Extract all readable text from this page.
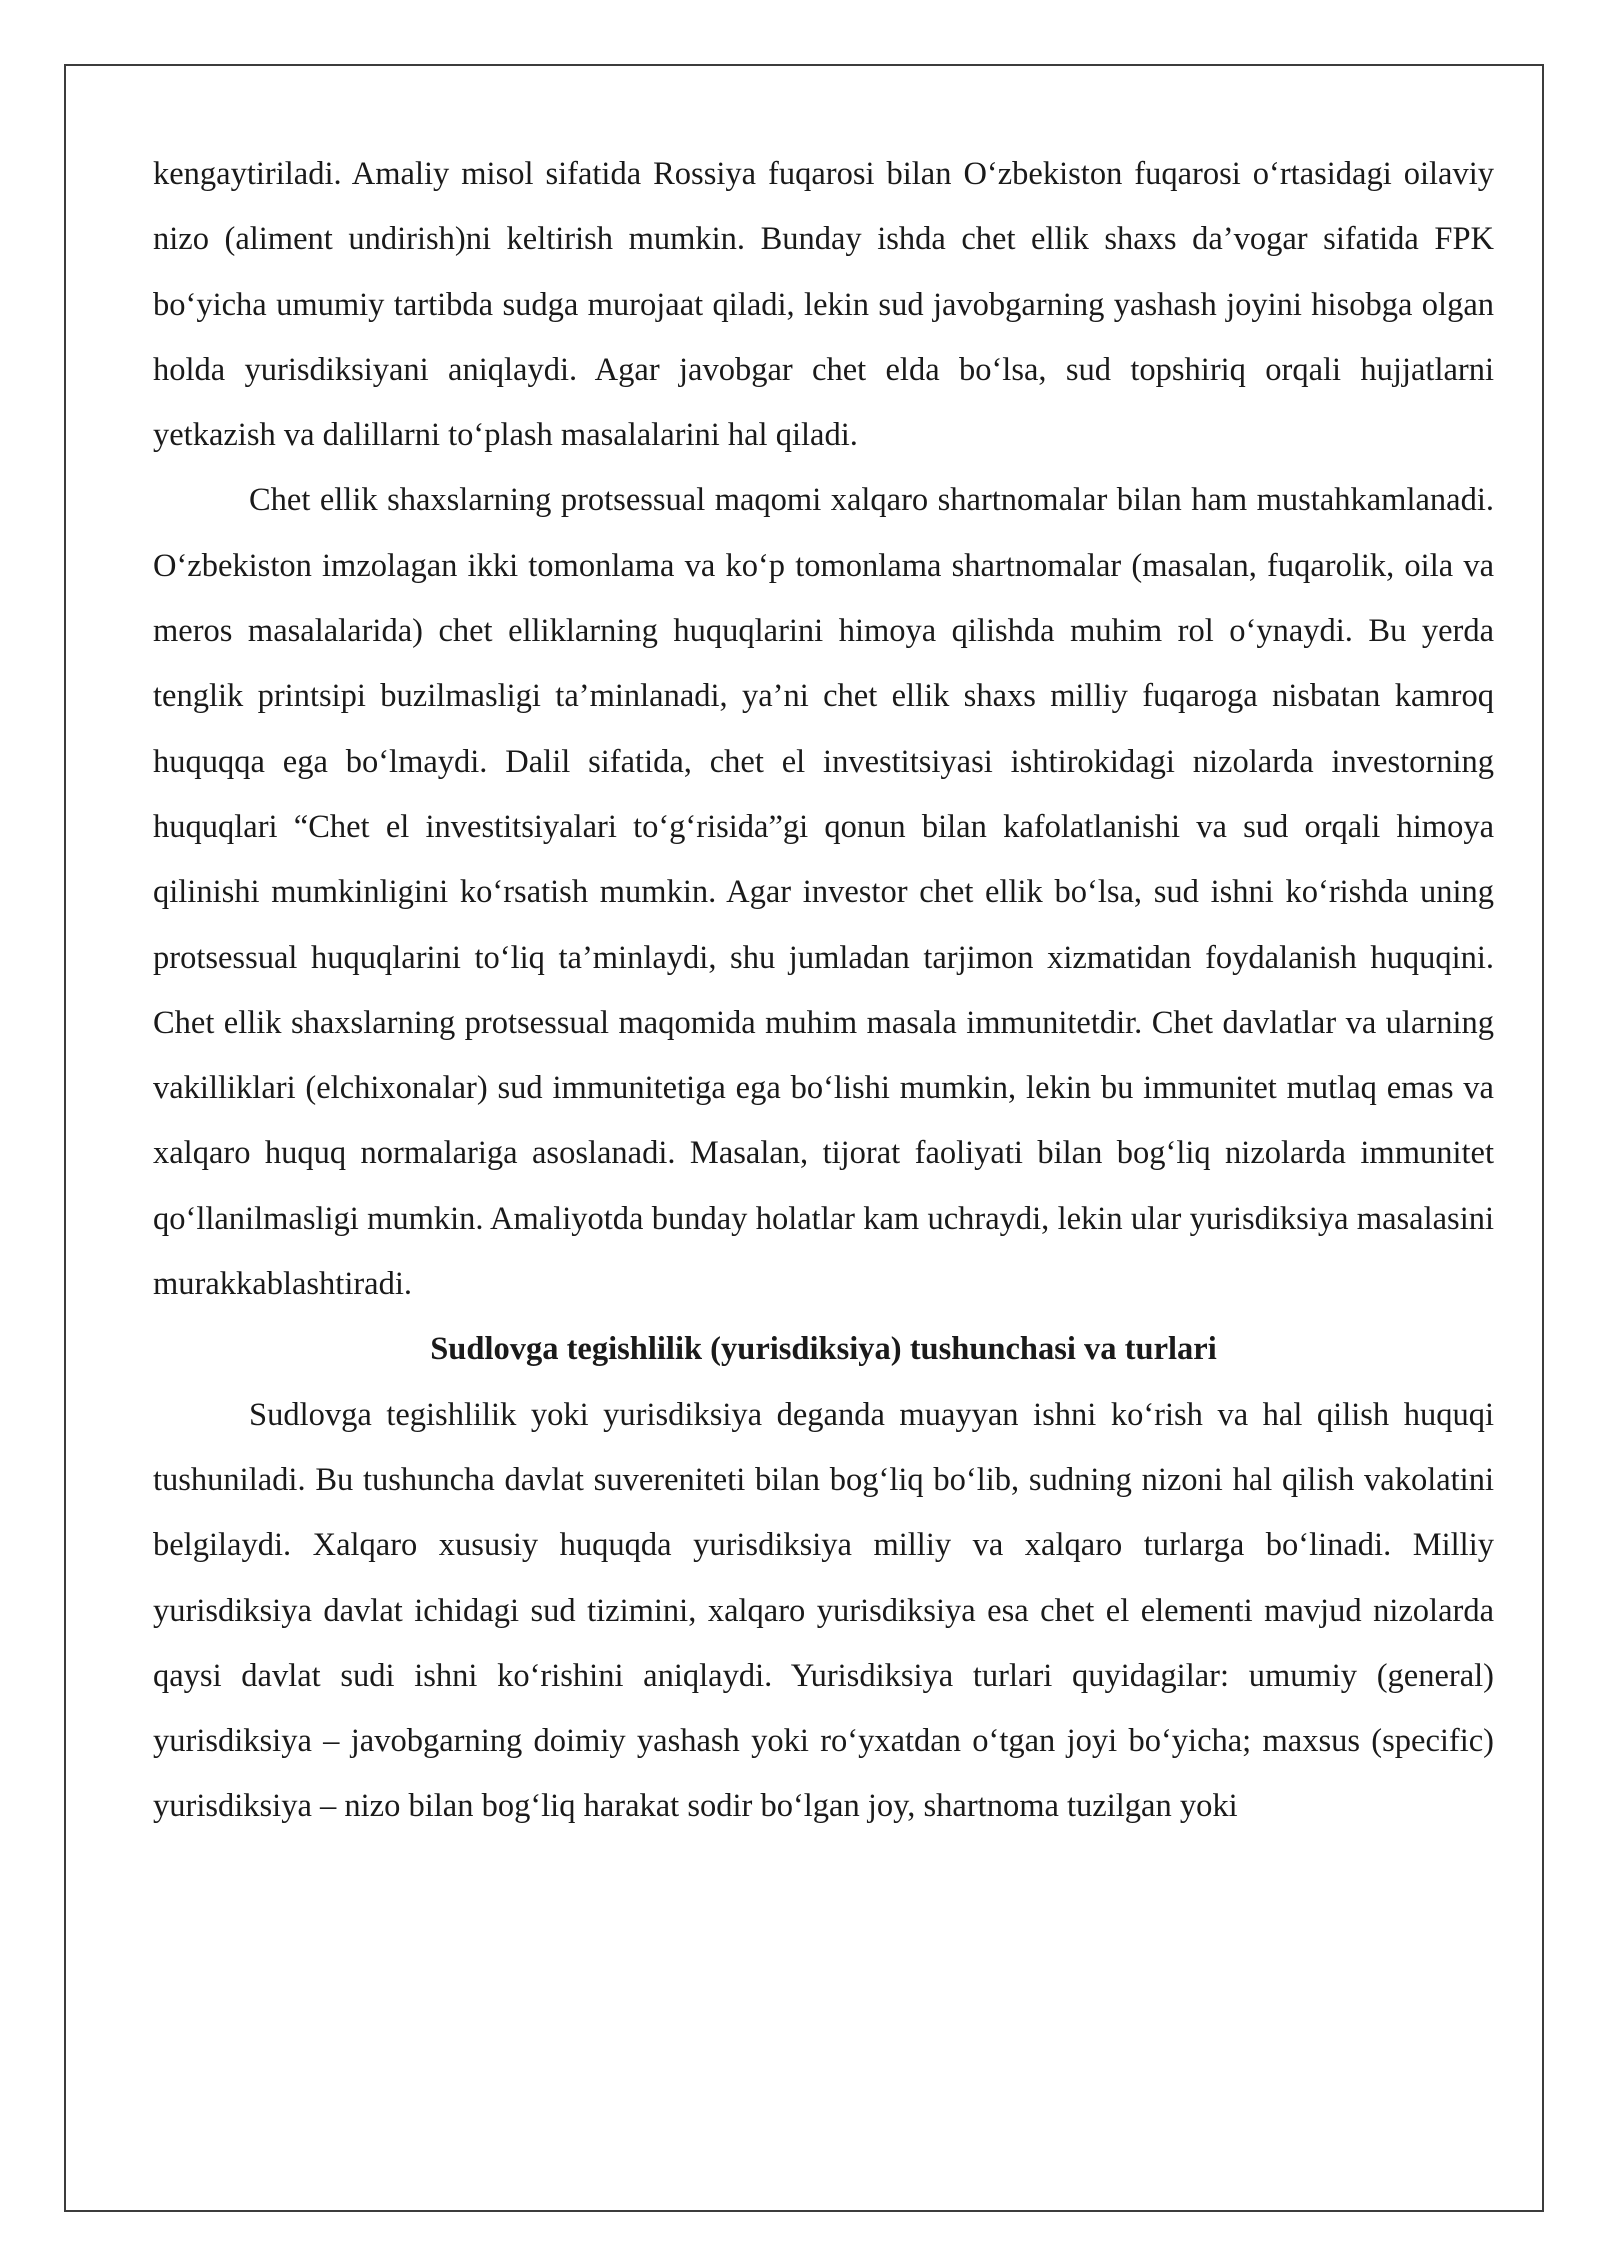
kengaytiriladi. Amaliy misol sifatida Rossiya fuqarosi bilan O‘zbekiston fuqarosi o‘rtasidagi oilaviy nizo (aliment undirish)ni keltirish mumkin. Bunday ishda chet ellik shaxs da’vogar sifatida FPK bo‘yicha umumiy tartibda sudga murojaat qiladi, lekin sud javobgarning yashash joyini hisobga olgan holda yurisdiksiyani aniqlaydi. Agar javobgar chet elda bo‘lsa, sud topshiriq orqali hujjatlarni yetkazish va dalillarni to‘plash masalalarini hal qiladi.

Chet ellik shaxslarning protsessual maqomi xalqaro shartnomalar bilan ham mustahkamlanadi. O‘zbekiston imzolagan ikki tomonlama va ko‘p tomonlama shartnomalar (masalan, fuqarolik, oila va meros masalalarida) chet elliklarning huquqlarini himoya qilishda muhim rol o‘ynaydi. Bu yerda tenglik printsipi buzilmasligi ta’minlanadi, ya’ni chet ellik shaxs milliy fuqaroga nisbatan kamroq huquqqa ega bo‘lmaydi. Dalil sifatida, chet el investitsiyasi ishtirokidagi nizolarda investorning huquqlari “Chet el investitsiyalari to‘g‘risida”gi qonun bilan kafolatlanishi va sud orqali himoya qilinishi mumkinligini ko‘rsatish mumkin. Agar investor chet ellik bo‘lsa, sud ishni ko‘rishda uning protsessual huquqlarini to‘liq ta’minlaydi, shu jumladan tarjimon xizmatidan foydalanish huquqini. Chet ellik shaxslarning protsessual maqomida muhim masala immunitetdir. Chet davlatlar va ularning vakilliklari (elchixonalar) sud immunitetiga ega bo‘lishi mumkin, lekin bu immunitet mutlaq emas va xalqaro huquq normalariga asoslanadi. Masalan, tijorat faoliyati bilan bog‘liq nizolarda immunitet qo‘llanilmasligi mumkin. Amaliyotda bunday holatlar kam uchraydi, lekin ular yurisdiksiya masalasini murakkablashtiradi.

Sudlovga tegishlilik (yurisdiksiya) tushunchasi va turlari

Sudlovga tegishlilik yoki yurisdiksiya deganda muayyan ishni ko‘rish va hal qilish huquqi tushuniladi. Bu tushuncha davlat suvereniteti bilan bog‘liq bo‘lib, sudning nizoni hal qilish vakolatini belgilaydi. Xalqaro xususiy huquqda yurisdiksiya milliy va xalqaro turlarga bo‘linadi. Milliy yurisdiksiya davlat ichidagi sud tizimini, xalqaro yurisdiksiya esa chet el elementi mavjud nizolarda qaysi davlat sudi ishni ko‘rishini aniqlaydi. Yurisdiksiya turlari quyidagilar: umumiy (general) yurisdiksiya – javobgarning doimiy yashash yoki ro‘yxatdan o‘tgan joyi bo‘yicha; maxsus (specific) yurisdiksiya – nizo bilan bog‘liq harakat sodir bo‘lgan joy, shartnoma tuzilgan yoki
